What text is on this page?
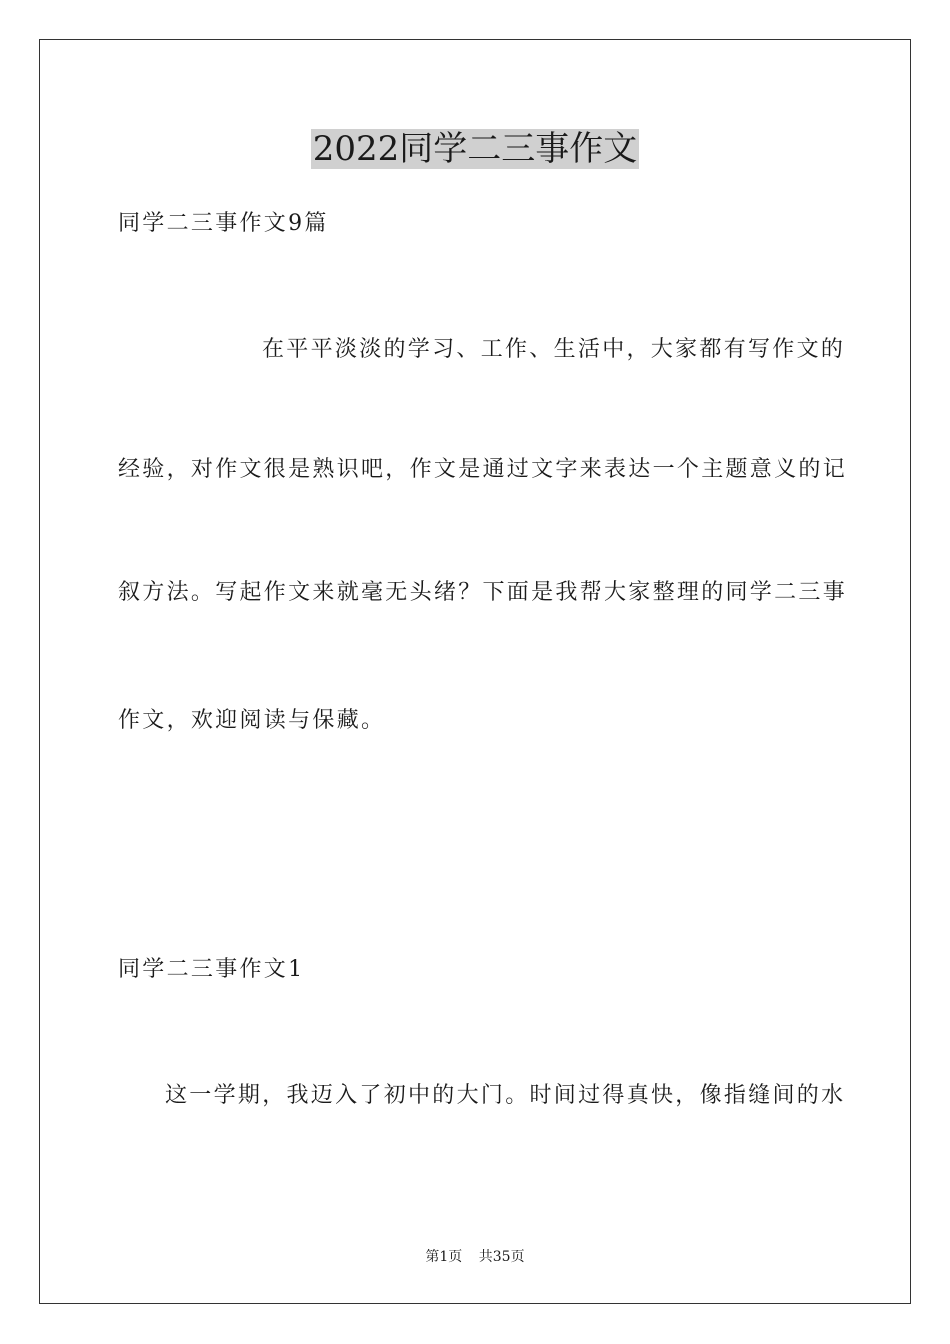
2022同学二三事作文
同学二三事作文9篇
在平平淡淡的学习、工作、生活中，大家都有写作文的
经验，对作文很是熟识吧，作文是通过文字来表达一个主题意义的记
叙方法。写起作文来就毫无头绪？下面是我帮大家整理的同学二三事
作文，欢迎阅读与保藏。
同学二三事作文1
这一学期，我迈入了初中的大门。时间过得真快，像指缝间的水
第1页 共35页
